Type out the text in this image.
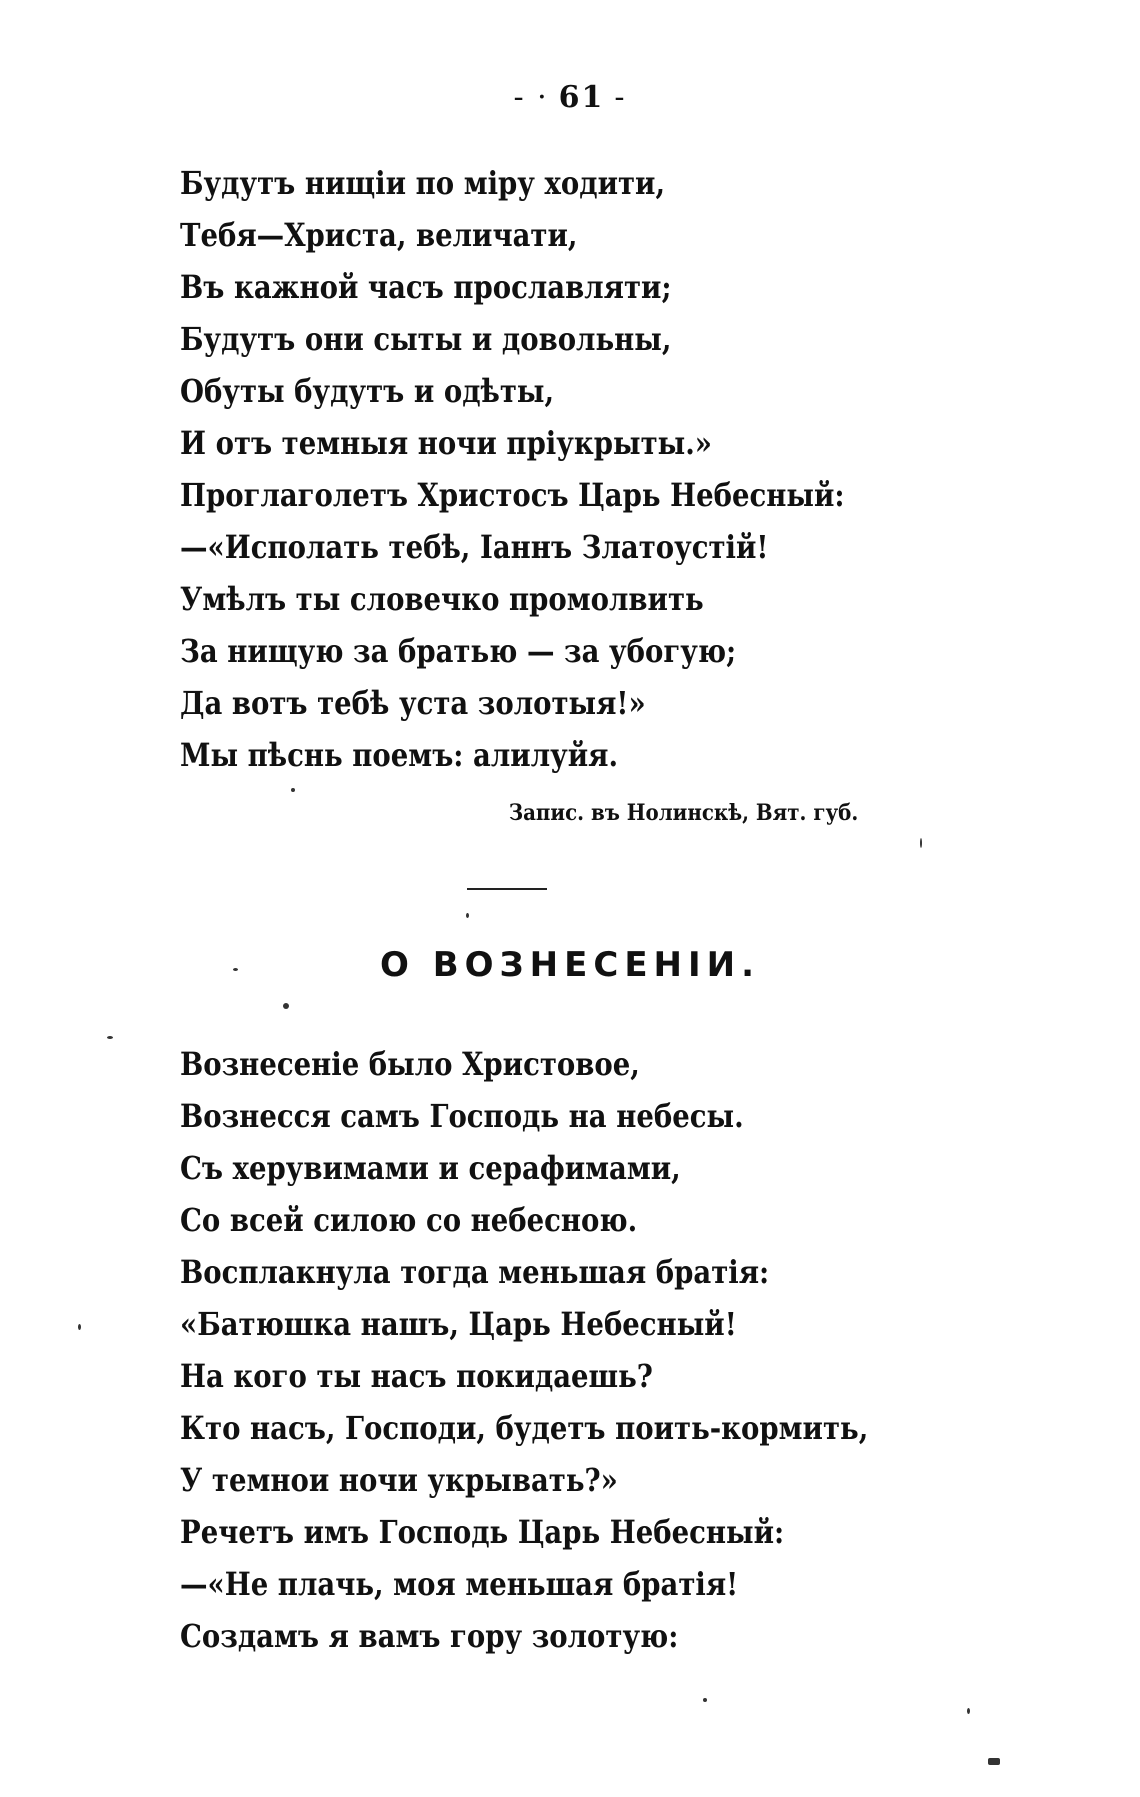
- · 61 -
Будутъ нищіи по міру ходити,
Тебя—Христа, величати,
Въ кажной часъ прославляти;
Будутъ они сыты и довольны,
Обуты будутъ и одѣты,
И отъ темныя ночи пріукрыты.»
Проглаголетъ Христосъ Царь Небесный:
—«Исполать тебѣ, Іаннъ Златоустій!
Умѣлъ ты словечко промолвить
За нищую за братью — за убогую;
Да вотъ тебѣ уста золотыя!»
Мы пѣснь поемъ: алилуйя.
Запис. въ Нолинскѣ, Вят. губ.
О ВОЗНЕСЕНІИ.
Вознесеніе было Христовое,
Вознесся самъ Господь на небесы.
Съ херувимами и серафимами,
Со всей силою со небесною.
Восплакнула тогда меньшая братія:
«Батюшка нашъ, Царь Небесный!
На кого ты насъ покидаешь?
Кто насъ, Господи, будетъ поить-кормить,
У темнои ночи укрывать?»
Речетъ имъ Господь Царь Небесный:
—«Не плачь, моя меньшая братія!
Создамъ я вамъ гору золотую:
